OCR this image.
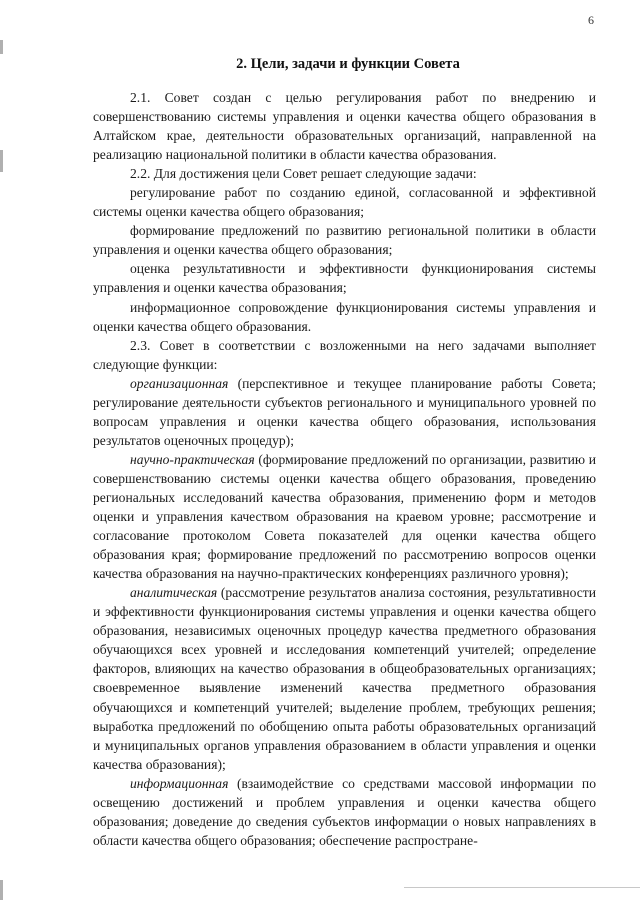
6
2. Цели, задачи и функции Совета

2.1. Совет создан с целью регулирования работ по внедрению и совершенствованию системы управления и оценки качества общего образования в Алтайском крае, деятельности образовательных организаций, направленной на реализацию национальной политики в области качества образования.

2.2. Для достижения цели Совет решает следующие задачи:

регулирование работ по созданию единой, согласованной и эффективной системы оценки качества общего образования;

формирование предложений по развитию региональной политики в области управления и оценки качества общего образования;

оценка результативности и эффективности функционирования системы управления и оценки качества образования;

информационное сопровождение функционирования системы управления и оценки качества общего образования.

2.3. Совет в соответствии с возложенными на него задачами выполняет следующие функции:

организационная (перспективное и текущее планирование работы Совета; регулирование деятельности субъектов регионального и муниципального уровней по вопросам управления и оценки качества общего образования, использования результатов оценочных процедур);

научно-практическая (формирование предложений по организации, развитию и совершенствованию системы оценки качества общего образования, проведению региональных исследований качества образования, применению форм и методов оценки и управления качеством образования на краевом уровне; рассмотрение и согласование протоколом Совета показателей для оценки качества общего образования края; формирование предложений по рассмотрению вопросов оценки качества образования на научно-практических конференциях различного уровня);

аналитическая (рассмотрение результатов анализа состояния, результативности и эффективности функционирования системы управления и оценки качества общего образования, независимых оценочных процедур качества предметного образования обучающихся всех уровней и исследования компетенций учителей; определение факторов, влияющих на качество образования в общеобразовательных организациях; своевременное выявление изменений качества предметного образования обучающихся и компетенций учителей; выделение проблем, требующих решения; выработка предложений по обобщению опыта работы образовательных организаций и муниципальных органов управления образованием в области управления и оценки качества образования);

информационная (взаимодействие со средствами массовой информации по освещению достижений и проблем управления и оценки качества общего образования; доведение до сведения субъектов информации о новых направлениях в области качества общего образования; обеспечение распростране-
